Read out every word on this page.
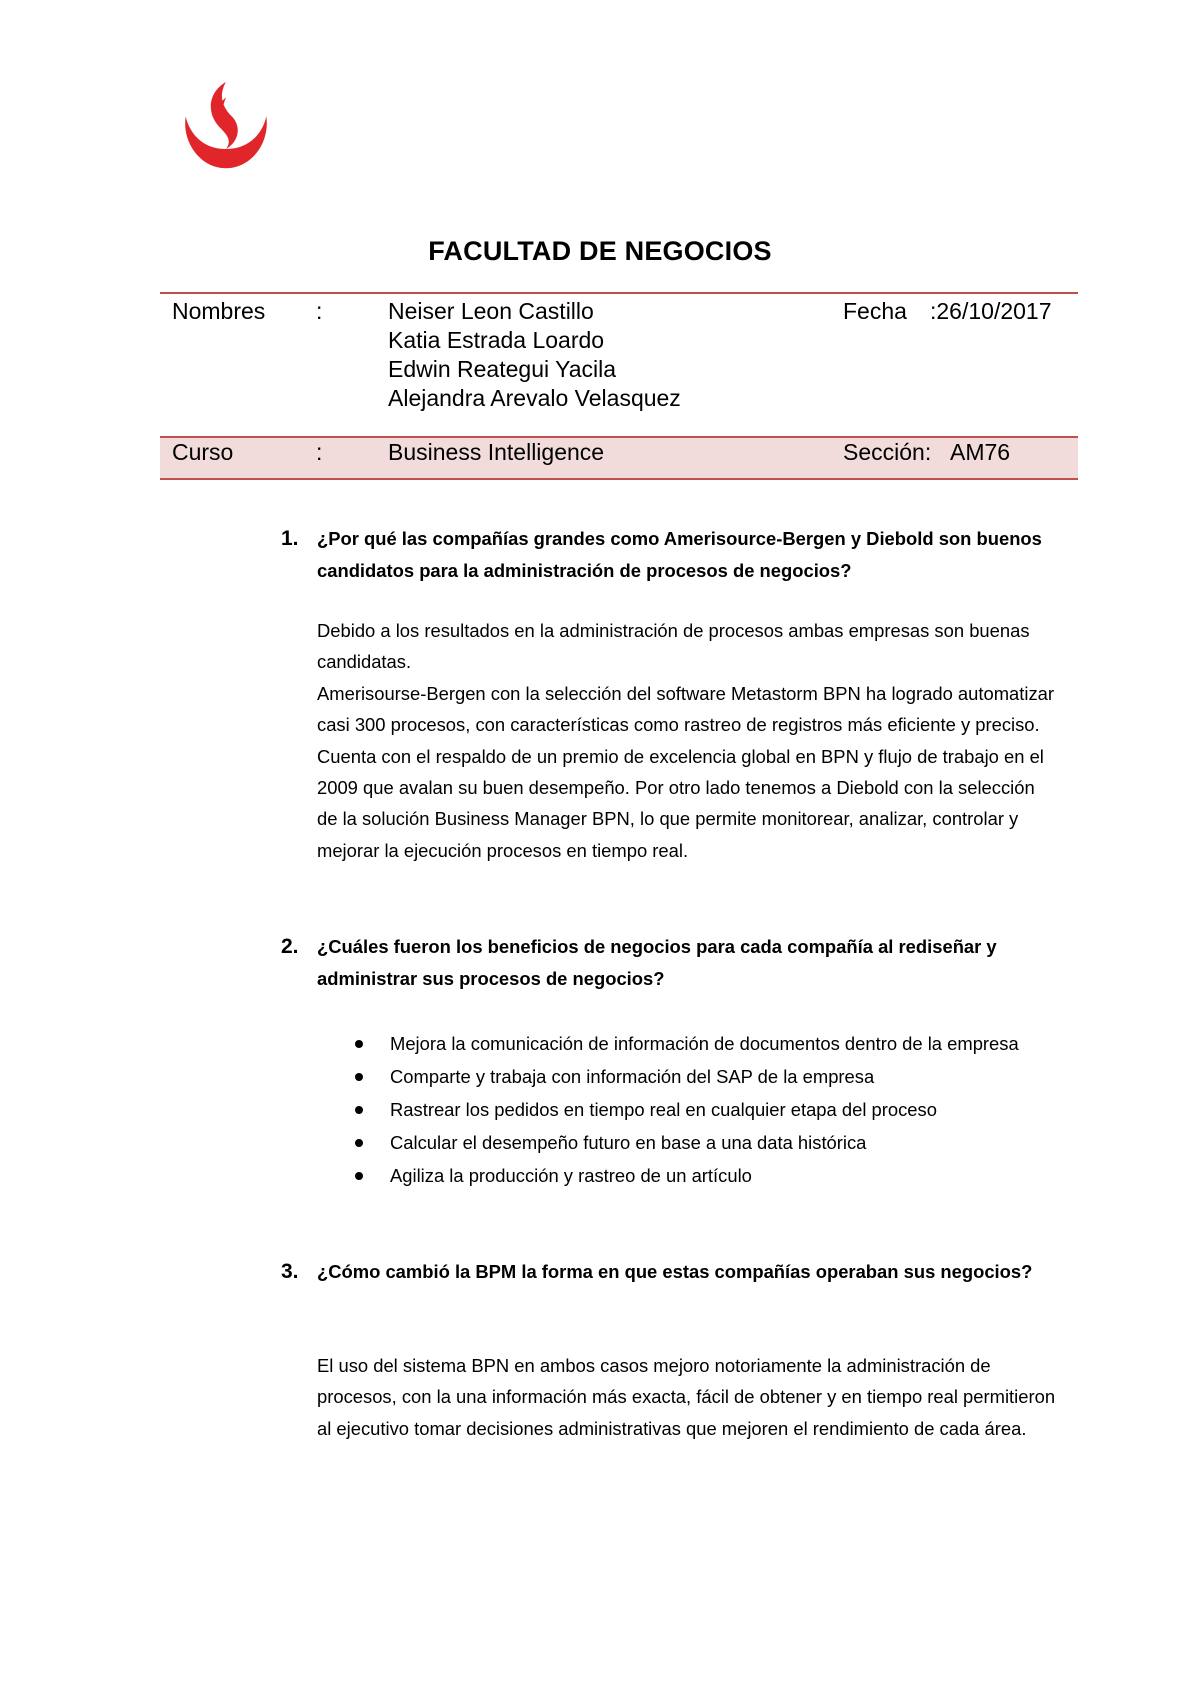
FACULTAD DE NEGOCIOS
Nombres :	Neiser Leon Castillo
Katia Estrada Loardo
Edwin Reategui Yacila
Alejandra Arevalo Velasquez
Fecha :26/10/2017
Curso	:	Business Intelligence	Sección: AM76
1. ¿Por qué las compañías grandes como Amerisource-Bergen y Diebold son buenos candidatos para la administración de procesos de negocios?

Debido a los resultados en la administración de procesos ambas empresas son buenas candidatas.

Amerisourse-Bergen con la selección del software Metastorm BPN ha logrado automatizar casi 300 procesos, con características como rastreo de registros más eficiente y preciso. Cuenta con el respaldo de un premio de excelencia global en BPN y flujo de trabajo en el 2009 que avalan su buen desempeño. Por otro lado tenemos a Diebold con la selección de la solución Business Manager BPN, lo que permite monitorear, analizar, controlar y mejorar la ejecución procesos en tiempo real.

2. ¿Cuáles fueron los beneficios de negocios para cada compañía al rediseñar y administrar sus procesos de negocios?
Mejora la comunicación de información de documentos dentro de la empresa
Comparte y trabaja con información del SAP de la empresa
Rastrear los pedidos en tiempo real en cualquier etapa del proceso
Calcular el desempeño futuro en base a una data histórica
Agiliza la producción y rastreo de un artículo
3. ¿Cómo cambió la BPM la forma en que estas compañías operaban sus negocios?

El uso del sistema BPN en ambos casos mejoro notoriamente la administración de procesos, con la una información más exacta, fácil de obtener y en tiempo real permitieron al ejecutivo tomar decisiones administrativas que mejoren el rendimiento de cada área.
